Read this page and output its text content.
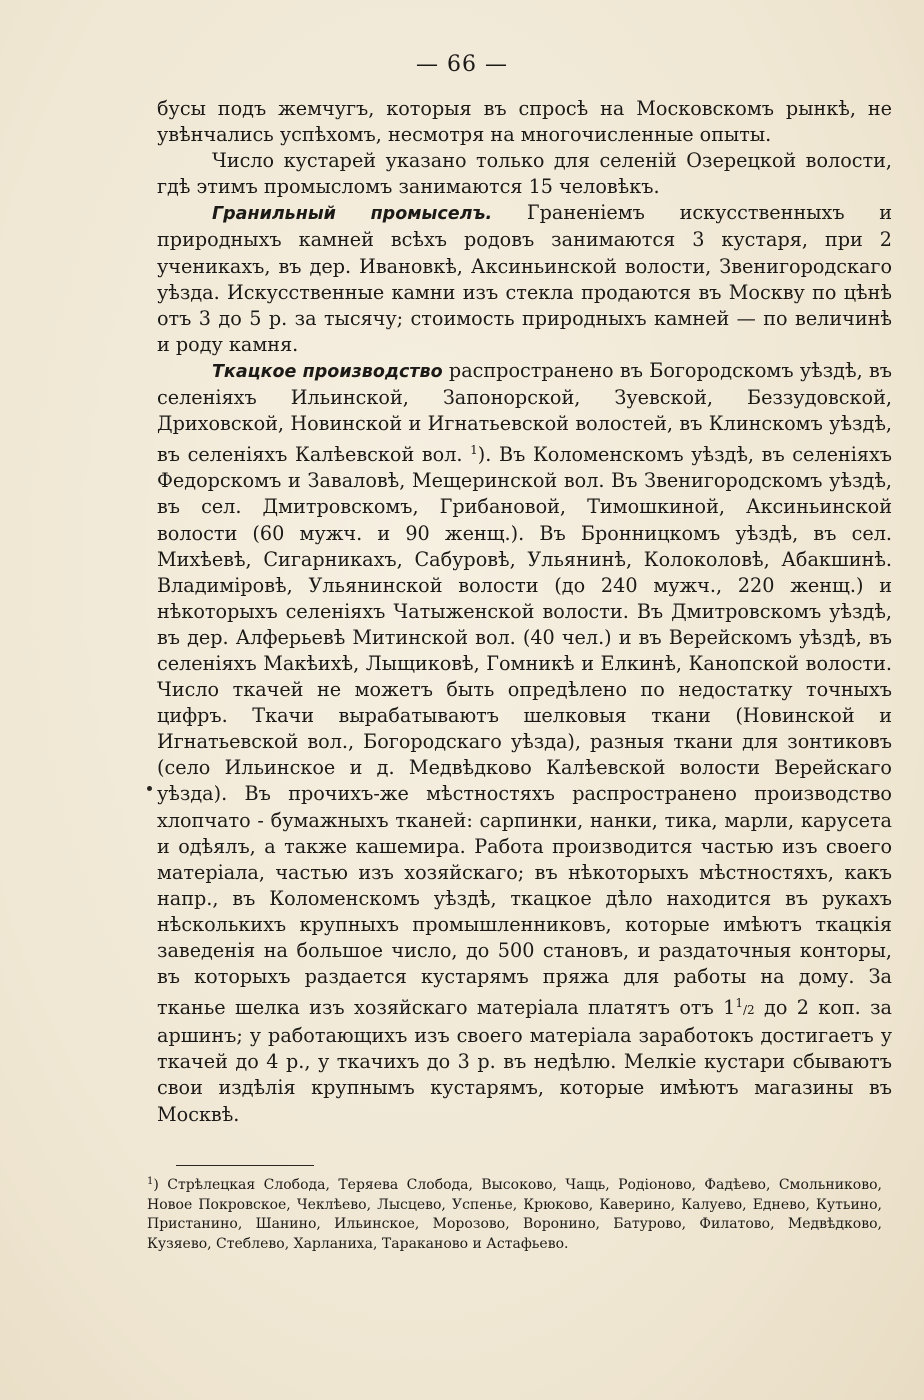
— 66 —

бусы подъ жемчугъ, которыя въ спросѣ на Московскомъ рынкѣ, не увѣнчались успѣхомъ, несмотря на многочисленные опыты.

Число кустарей указано только для селеній Озерецкой волости, гдѣ этимъ промысломъ занимаются 15 человѣкъ.

Гранильный промыселъ. Гранeніемъ искусственныхъ и природныхъ камней всѣхъ родовъ занимаются 3 кустаря, при 2 ученикахъ, въ дер. Ивановкѣ, Аксиньинской волости, Звенигородскаго уѣзда. Искусственные камни изъ стекла продаются въ Москву по цѣнѣ отъ 3 до 5 р. за тысячу; стоимость природныхъ камней — по величинѣ и роду камня.

Ткацкое производство распространено въ Богородскомъ уѣздѣ, въ селеніяхъ Ильинской, Запонорской, Зуевской, Беззудовской, Дриховской, Новинской и Игнатьевской волостей, въ Клинскомъ уѣздѣ, въ селеніяхъ Калѣевской вол. $^1$). Въ Коломенскомъ уѣздѣ, въ селеніяхъ Федорскомъ и Заваловѣ, Мещеринской вол. Въ Звенигородскомъ уѣздѣ, въ сел. Дмитровскомъ, Грибановой, Тимошкиной, Аксиньинской волости (60 мужч. и 90 женщ.). Въ Бронницкомъ уѣздѣ, въ сел. Михѣевѣ, Сигарникахъ, Сабуровѣ, Ульянинѣ, Колоколовѣ, Абакшинѣ. Владиміровѣ, Ульянинской волости (до 240 мужч., 220 женщ.) и нѣкоторыхъ селеніяхъ Чатыженской волости. Въ Дмитровскомъ уѣздѣ, въ дер. Алферьевѣ Митинской вол. (40 чел.) и въ Верейскомъ уѣздѣ, въ селеніяхъ Макѣихѣ, Лыщиковѣ, Гомникѣ и Елкинѣ, Канопской волости. Число ткачей не можетъ быть опредѣлено по недостатку точныхъ цифръ. Ткачи вырабатываютъ шелковыя ткани (Новинской и Игнатьевской вол., Богородскаго уѣзда), разныя ткани для зонтиковъ (село Ильинское и д. Медвѣдково Калѣевской волости Верейскаго уѣзда). Въ прочихъ-же мѣстностяхъ распространено производство хлопчато - бумажныхъ тканей: сарпинки, нанки, тика, марли, карусета и одѣялъ, а также кашемира. Работа производится частью изъ своего матеріала, частью изъ хозяйскаго; въ нѣкоторыхъ мѣстностяхъ, какъ напр., въ Коломенскомъ уѣздѣ, ткацкое дѣло находится въ рукахъ нѣсколькихъ крупныхъ промышленниковъ, которые имѣютъ ткацкія заведенія на большое число, до 500 становъ, и раздаточныя конторы, въ которыхъ раздается кустарямъ пряжа для работы на дому. За тканье шелка изъ хозяйскаго матеріала платятъ отъ $1^1/2$ до 2 коп. за аршинъ; у работающихъ изъ своего матеріала заработокъ достигаетъ у ткачей до 4 р., у ткачихъ до 3 р. въ недѣлю. Мелкіе кустари сбываютъ свои издѣлія крупнымъ кустарямъ, которые имѣютъ магазины въ Москвѣ.

$^1$) Стрѣлецкая Слобода, Теряева Слобода, Высоково, Чащь, Родіоново, Фадѣево, Смольниково, Новое Покровское, Чеклѣево, Лысцево, Успенье, Крюково, Каверино, Калуево, Еднево, Кутьино, Пристанино, Шанино, Ильинское, Морозово, Воронино, Батурово, Филатово, Медвѣдково, Кузяево, Стеблево, Харланиха, Тараканово и Астафьево.
